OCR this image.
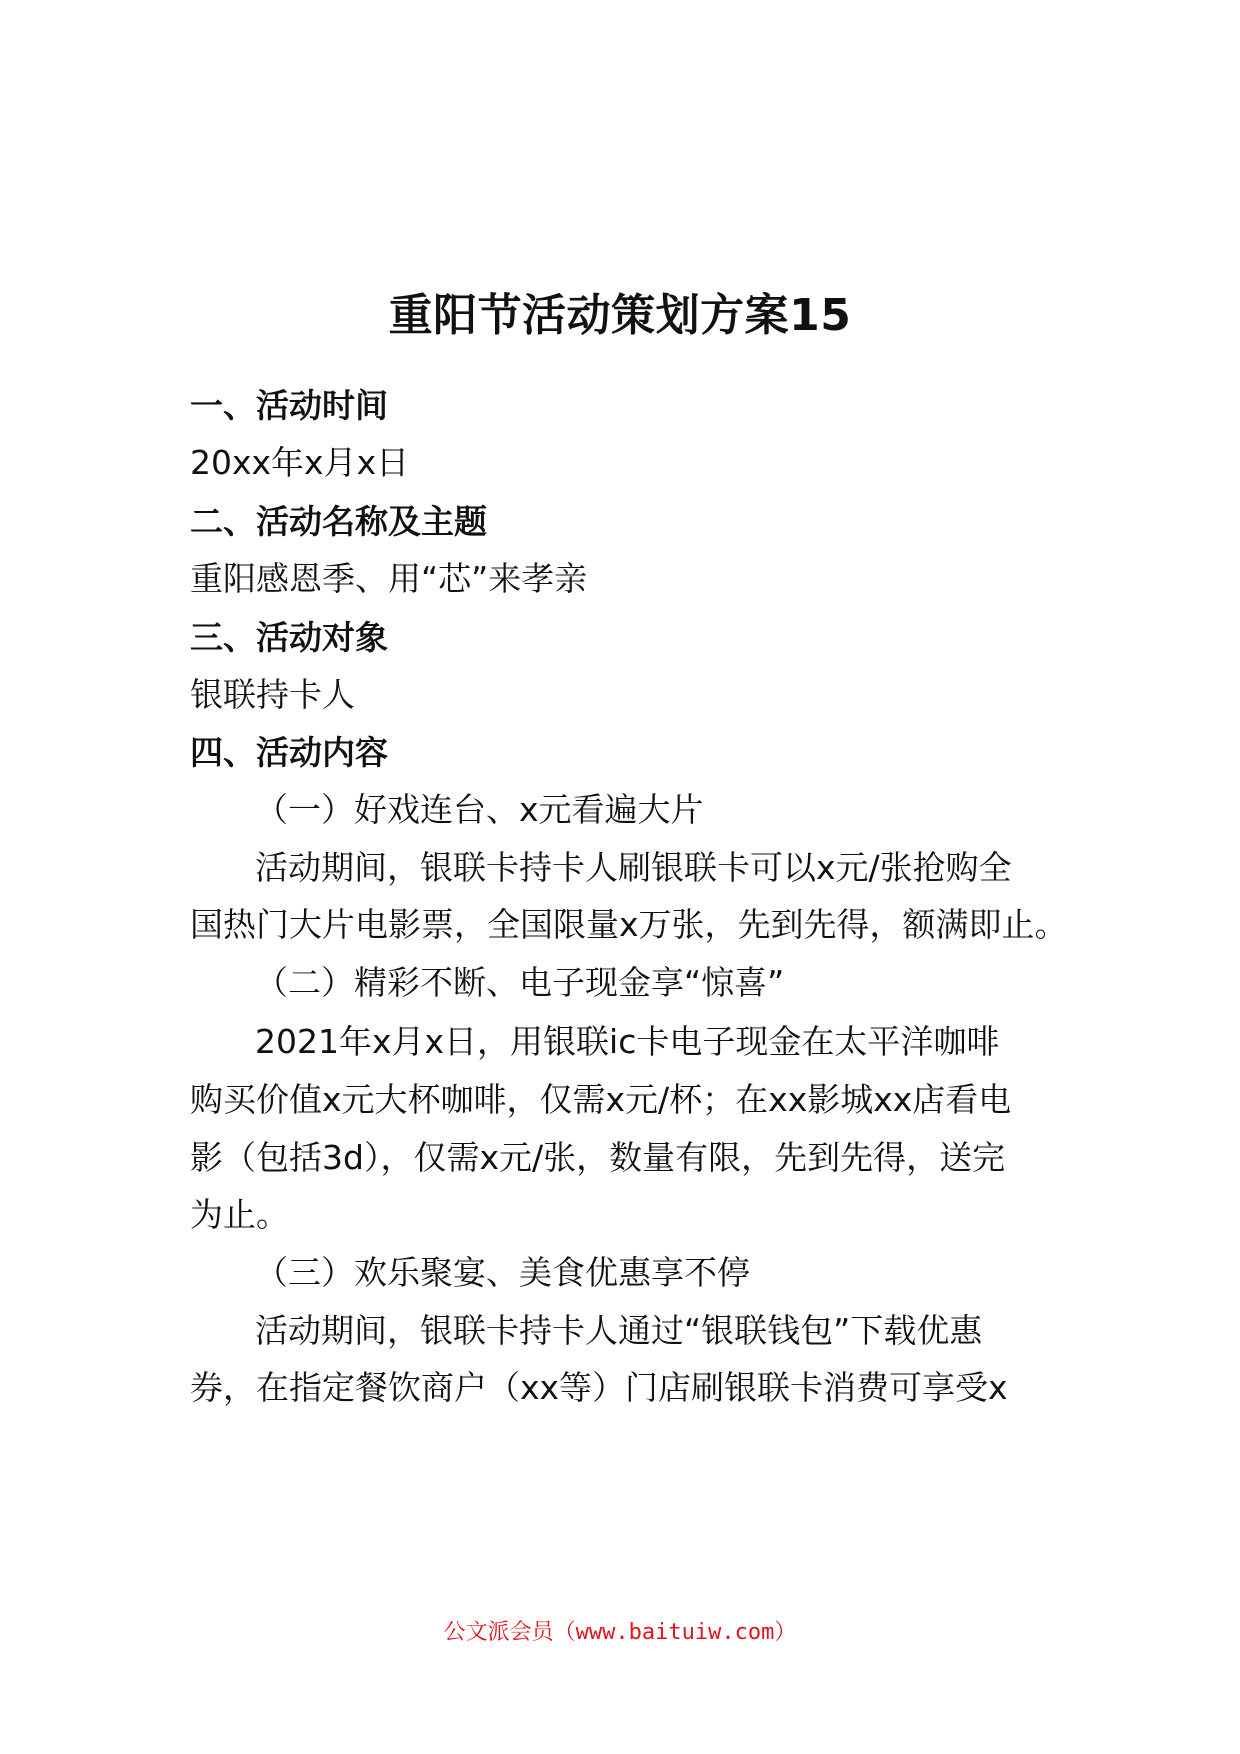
重阳节活动策划方案15
一、活动时间
20xx年x月x日
二、活动名称及主题
重阳感恩季、用“芯”来孝亲
三、活动对象
银联持卡人
四、活动内容
（一）好戏连台、x元看遍大片
活动期间，银联卡持卡人刷银联卡可以x元/张抢购全
国热门大片电影票，全国限量x万张，先到先得，额满即止。
（二）精彩不断、电子现金享“惊喜”
2021年x月x日，用银联ic卡电子现金在太平洋咖啡
购买价值x元大杯咖啡，仅需x元/杯；在xx影城xx店看电
影（包括3d），仅需x元/张，数量有限，先到先得，送完
为止。
（三）欢乐聚宴、美食优惠享不停
活动期间，银联卡持卡人通过“银联钱包”下载优惠
券，在指定餐饮商户（xx等）门店刷银联卡消费可享受x
公文派会员（www.baituiw.com）
